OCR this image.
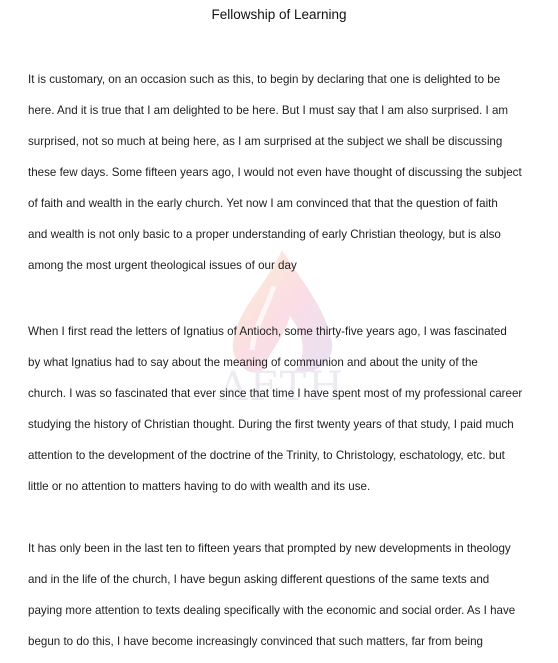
AFTH
Fellowship of Learning

It is customary, on an occasion such as this, to begin by declaring that one is delighted to be
here. And it is true that I am delighted to be here. But I must say that I am also surprised. I am
surprised, not so much at being here, as I am surprised at the subject we shall be discussing
these few days. Some fifteen years ago, I would not even have thought of discussing the subject
of faith and wealth in the early church. Yet now I am convinced that that the question of faith
and wealth is not only basic to a proper understanding of early Christian theology, but is also
among the most urgent theological issues of our day

When I first read the letters of Ignatius of Antioch, some thirty-five years ago, I was fascinated
by what Ignatius had to say about the meaning of communion and about the unity of the
church. I was so fascinated that ever since that time I have spent most of my professional career
studying the history of Christian thought. During the first twenty years of that study, I paid much
attention to the development of the doctrine of the Trinity, to Christology, eschatology, etc. but
little or no attention to matters having to do with wealth and its use.

It has only been in the last ten to fifteen years that prompted by new developments in theology
and in the life of the church, I have begun asking different questions of the same texts and
paying more attention to texts dealing specifically with the economic and social order. As I have
begun to do this, I have become increasingly convinced that such matters, far from being
